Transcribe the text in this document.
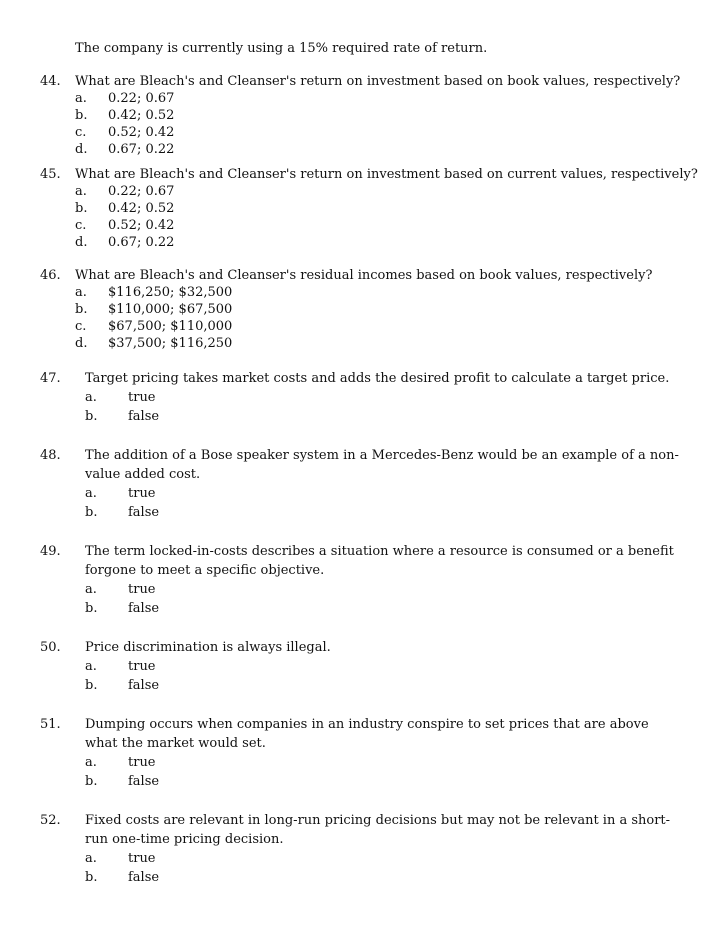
The company is currently using a 15% required rate of return.
44. What are Bleach's and Cleanser's return on investment based on book values, respectively?
a. 0.22; 0.67
b. 0.42; 0.52
c. 0.52; 0.42
d. 0.67; 0.22
45. What are Bleach's and Cleanser's return on investment based on current values, respectively?
a. 0.22; 0.67
b. 0.42; 0.52
c. 0.52; 0.42
d. 0.67; 0.22
46. What are Bleach's and Cleanser's residual incomes based on book values, respectively?
a. $116,250; $32,500
b. $110,000; $67,500
c. $67,500; $110,000
d. $37,500; $116,250
47. Target pricing takes market costs and adds the desired profit to calculate a target price.
a. true
b. false
48. The addition of a Bose speaker system in a Mercedes-Benz would be an example of a non-value added cost.
a. true
b. false
49. The term locked-in-costs describes a situation where a resource is consumed or a benefit forgone to meet a specific objective.
a. true
b. false
50. Price discrimination is always illegal.
a. true
b. false
51. Dumping occurs when companies in an industry conspire to set prices that are above what the market would set.
a. true
b. false
52. Fixed costs are relevant in long-run pricing decisions but may not be relevant in a short-run one-time pricing decision.
a. true
b. false
